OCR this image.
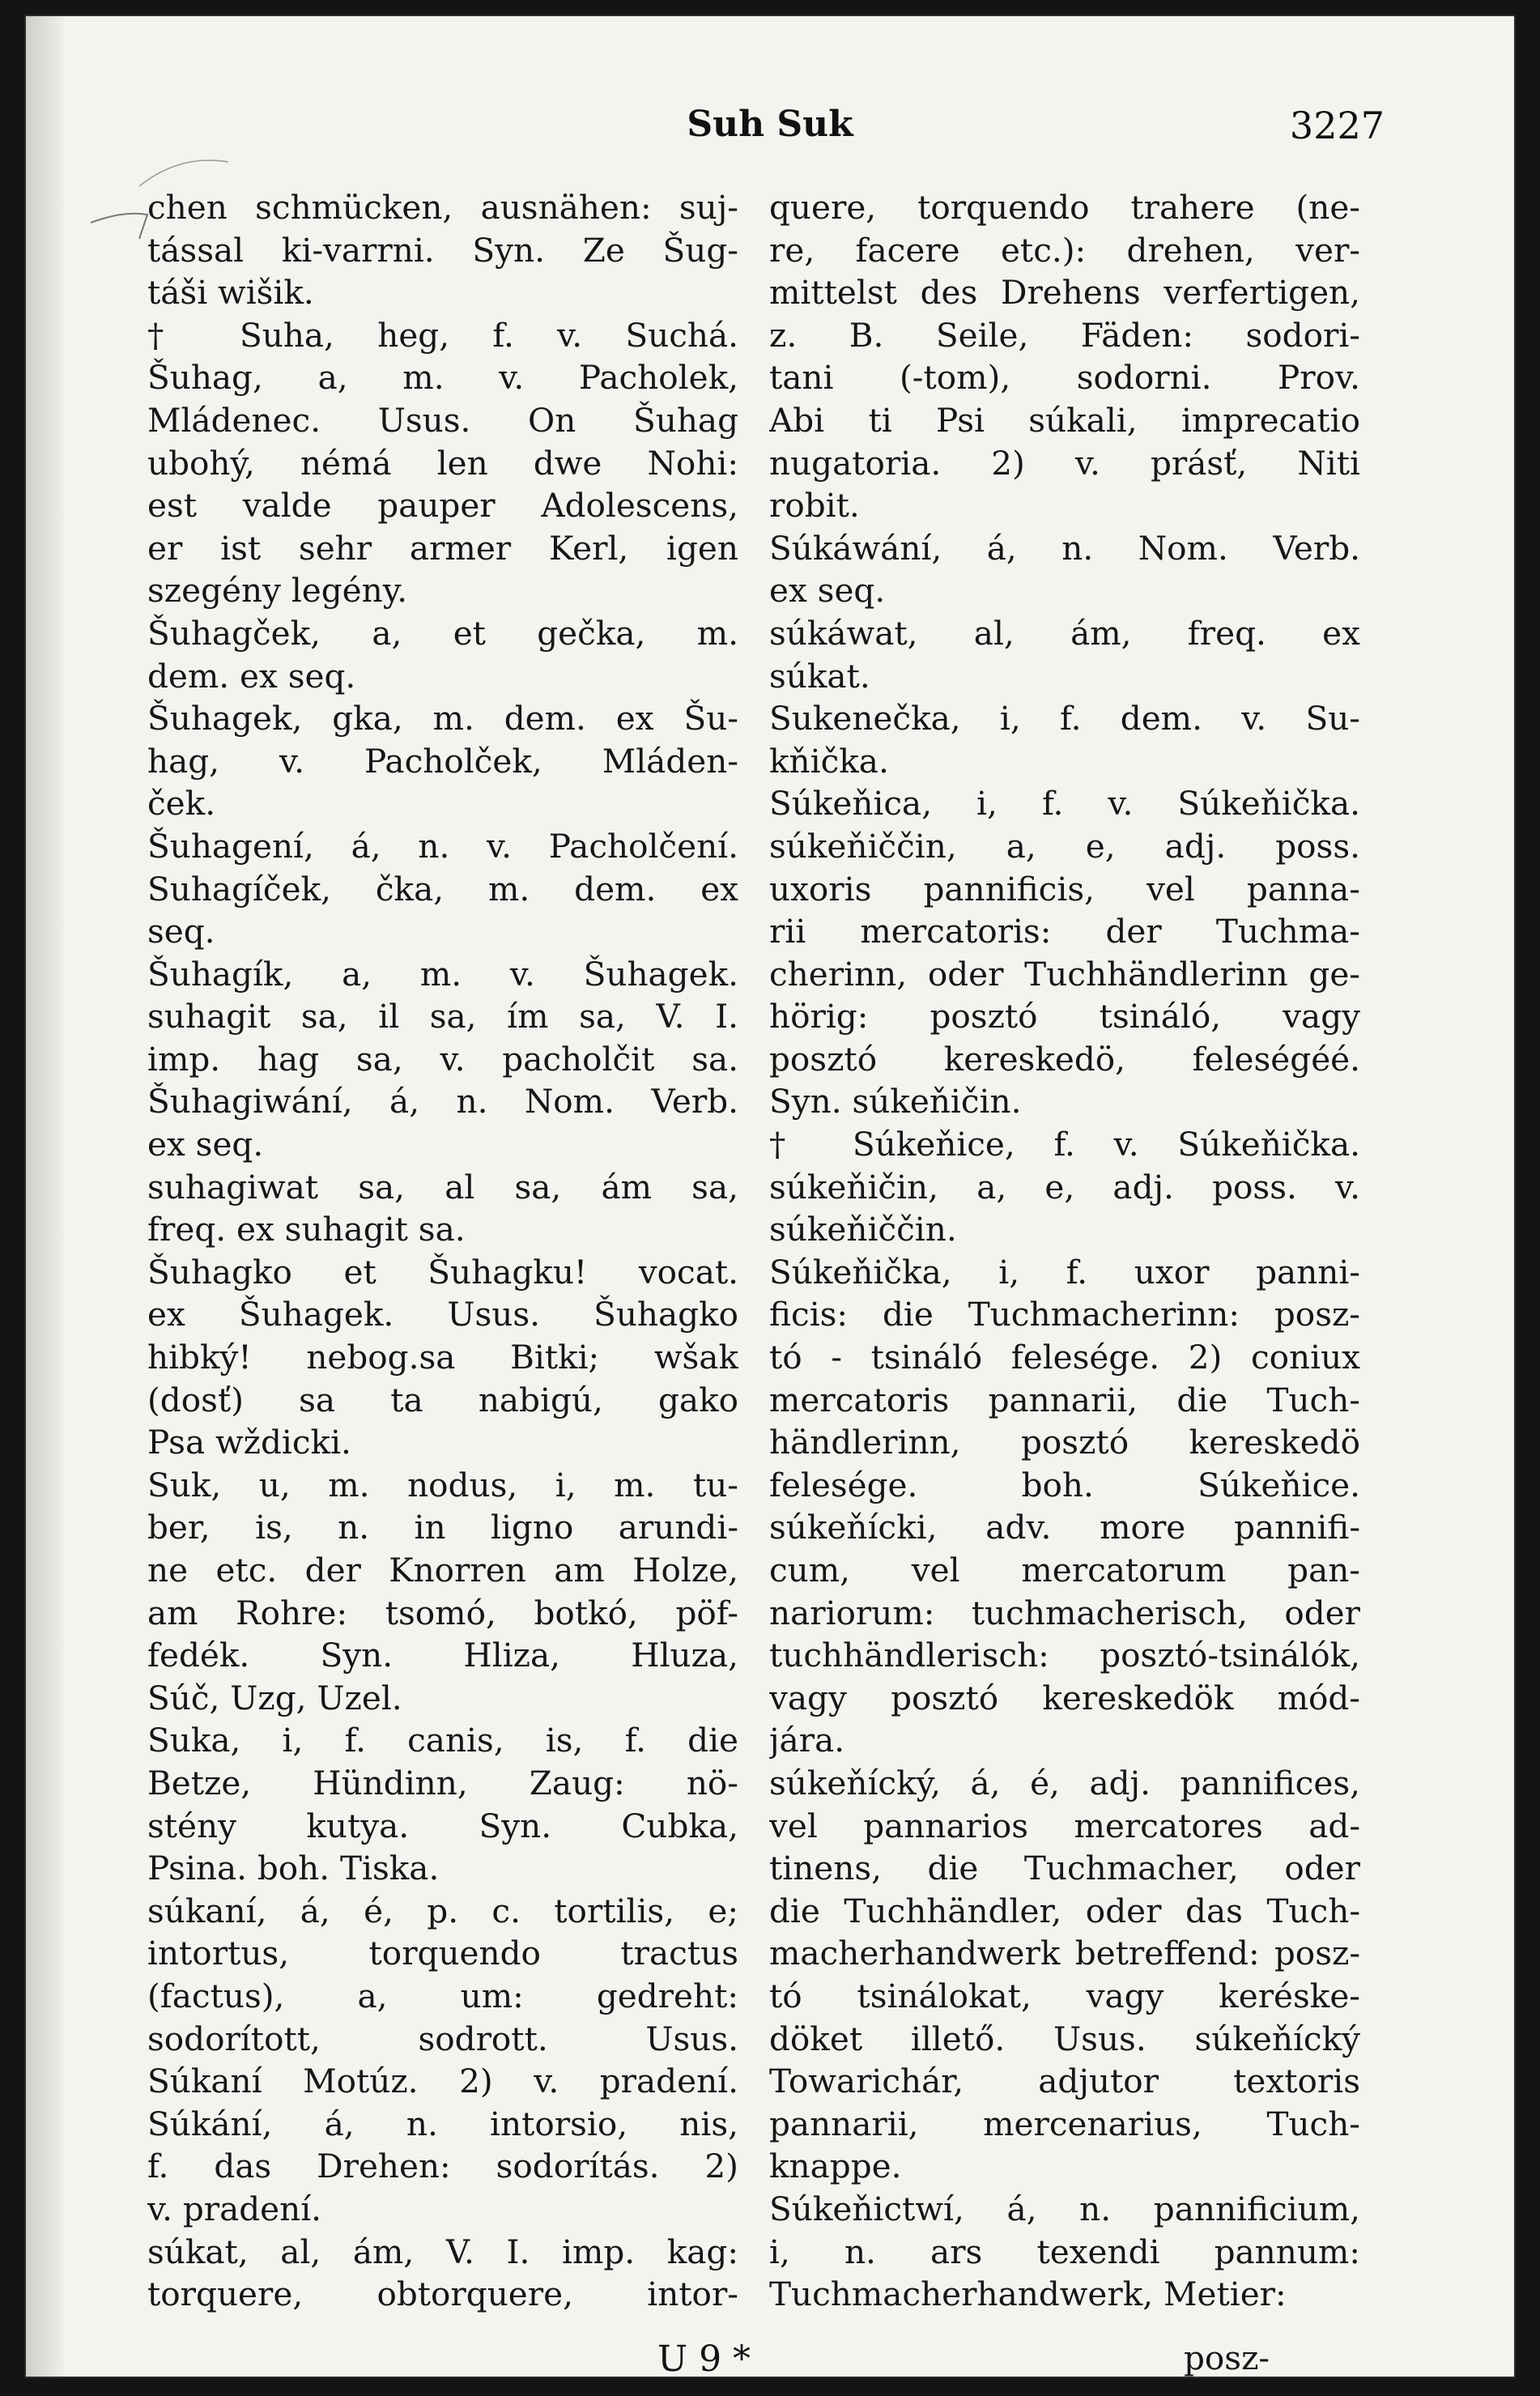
Suh Suk	3227
chen schmücken, ausnähen: suj-
tással ki-varrni. Syn. Ze Šug-
táši wišik.
† Suha, heg, f. v. Suchá.
Šuhag, a, m. v. Pacholek,
Mládenec. Usus. On Šuhag
ubohý, némá len dwe Nohi:
est valde pauper Adolescens,
er ist sehr armer Kerl, igen
szegény legény.
Šuhagček, a, et gečka, m.
dem. ex seq.
Šuhagek, gka, m. dem. ex Šu-
hag, v. Pacholček, Mláden-
ček.
Šuhagení, á, n. v. Pacholčení.
Suhagíček, čka, m. dem. ex
seq.
Šuhagík, a, m. v. Šuhagek.
suhagit sa, il sa, ím sa, V. I.
imp. hag sa, v. pacholčit sa.
Šuhagiwání, á, n. Nom. Verb.
ex seq.
suhagiwat sa, al sa, ám sa,
freq. ex suhagit sa.
Šuhagko et Šuhagku! vocat.
ex Šuhagek. Usus. Šuhagko
hibký! nebog.sa Bitki; wšak
(dosť) sa ta nabigú, gako
Psa wždicki.
Suk, u, m. nodus, i, m. tu-
ber, is, n. in ligno arundi-
ne etc. der Knorren am Holze,
am Rohre: tsomó, botkó, pöf-
fedék. Syn. Hliza, Hluza,
Súč, Uzg, Uzel.
Suka, i, f. canis, is, f. die
Betze, Hündinn, Zaug: nö-
stény kutya. Syn. Cubka,
Psina. boh. Tiska.
súkaní, á, é, p. c. tortilis, e;
intortus, torquendo tractus
(factus), a, um: gedreht:
sodorított, sodrott. Usus.
Súkaní Motúz. 2) v. pradení.
Súkání, á, n. intorsio, nis,
f. das Drehen: sodorítás. 2)
v. pradení.
súkat, al, ám, V. I. imp. kag:
torquere, obtorquere, intor-
quere, torquendo trahere (ne-
re, facere etc.): drehen, ver-
mittelst des Drehens verfertigen,
z. B. Seile, Fäden: sodori-
tani (-tom), sodorni. Prov.
Abi ti Psi súkali, imprecatio
nugatoria. 2) v. prásť, Niti
robit.
Súkáwání, á, n. Nom. Verb.
ex seq.
súkáwat, al, ám, freq. ex
súkat.
Sukenečka, i, f. dem. v. Su-
kňička.
Súkeňica, i, f. v. Súkeňička.
súkeňiččin, a, e, adj. poss.
uxoris pannificis, vel panna-
rii mercatoris: der Tuchma-
cherinn, oder Tuchhändlerinn ge-
hörig: posztó tsináló, vagy
posztó kereskedö, feleségéé.
Syn. súkeňičin.
† Súkeňice, f. v. Súkeňička.
súkeňičin, a, e, adj. poss. v.
súkeňiččin.
Súkeňička, i, f. uxor panni-
ficis: die Tuchmacherinn: posz-
tó - tsináló felesége. 2) coniux
mercatoris pannarii, die Tuch-
händlerinn, posztó kereskedö
felesége. boh. Súkeňice.
súkeňícki, adv. more pannifi-
cum, vel mercatorum pan-
nariorum: tuchmacherisch, oder
tuchhändlerisch: posztó-tsinálók,
vagy posztó kereskedök mód-
jára.
súkeňícký, á, é, adj. pannifices,
vel pannarios mercatores ad-
tinens, die Tuchmacher, oder
die Tuchhändler, oder das Tuch-
macherhandwerk betreffend: posz-
tó tsinálokat, vagy keréske-
döket illető. Usus. súkeňícký
Towarichár, adjutor textoris
pannarii, mercenarius, Tuch-
knappe.
Súkeňictwí, á, n. pannificium,
i, n. ars texendi pannum:
Tuchmacherhandwerk, Metier:
U 9 *	posz-
